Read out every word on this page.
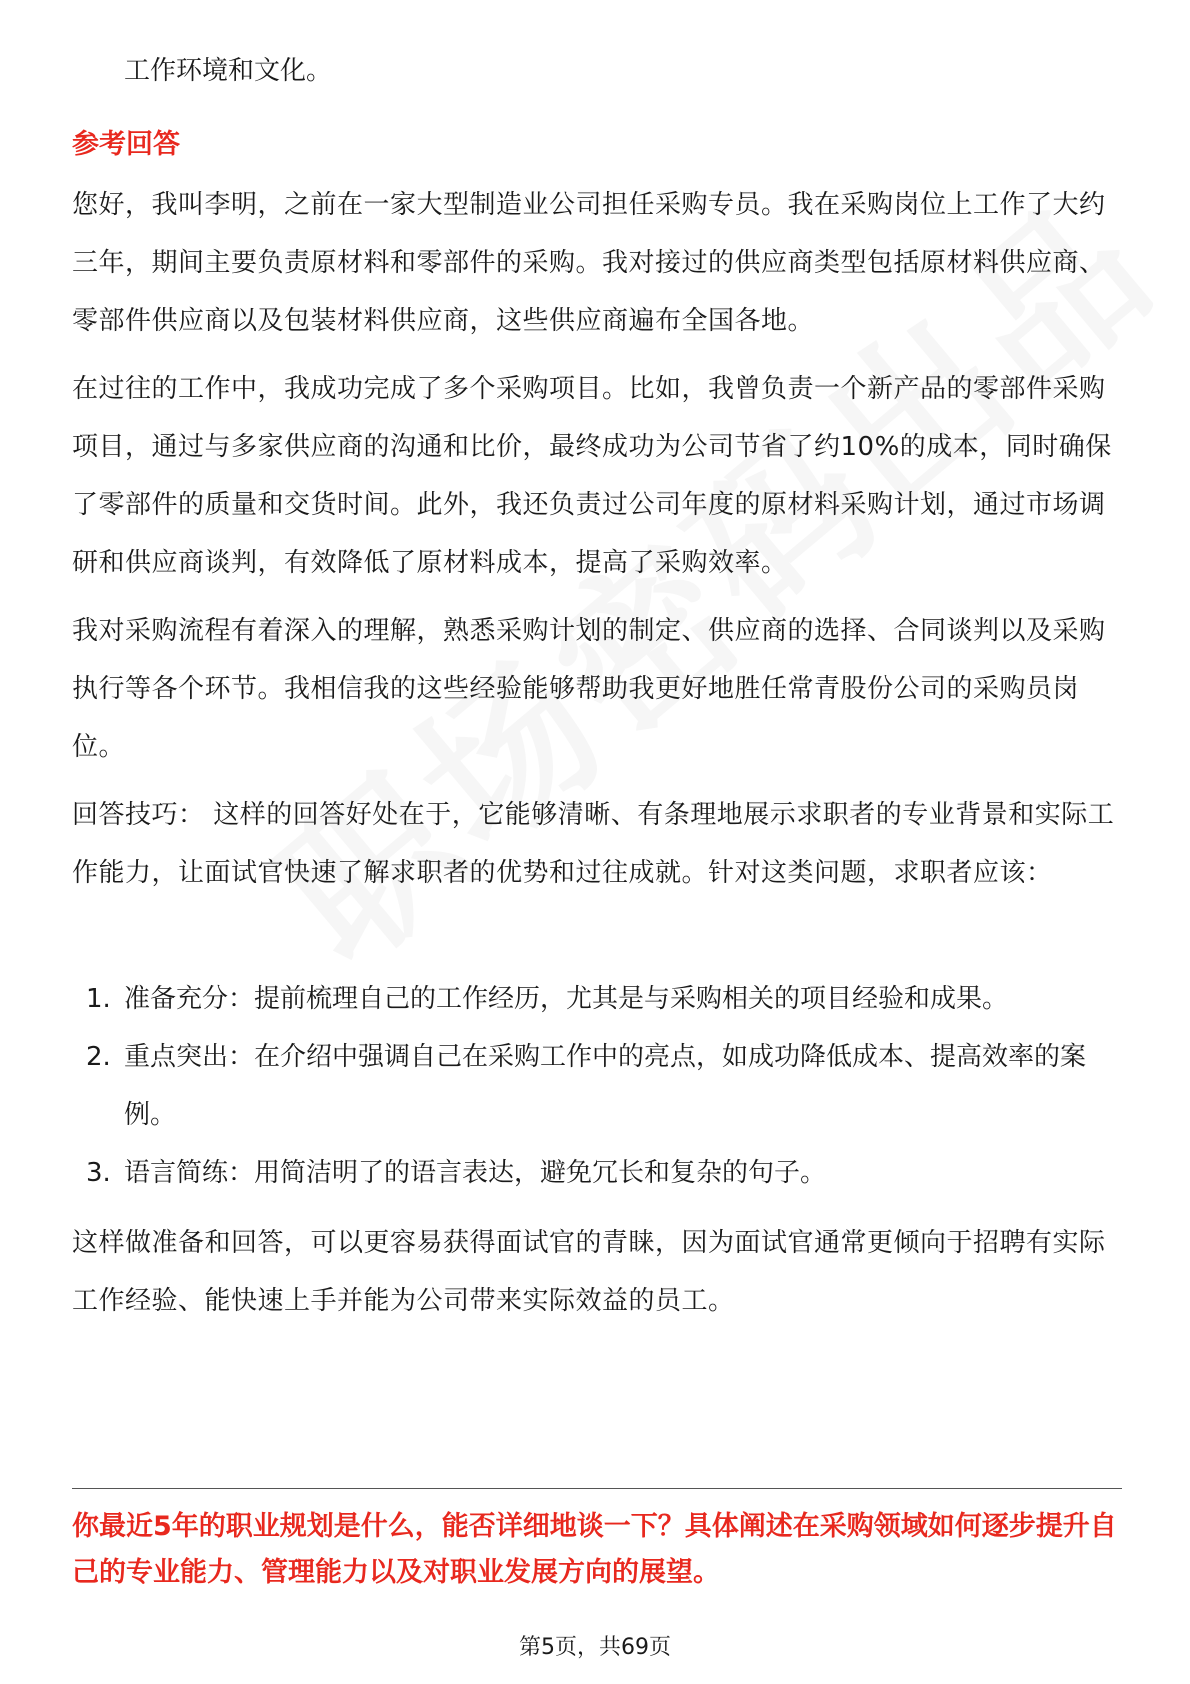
工作环境和文化。
参考回答
您好，我叫李明，之前在一家大型制造业公司担任采购专员。我在采购岗位上工作了大约三年，期间主要负责原材料和零部件的采购。我对接过的供应商类型包括原材料供应商、零部件供应商以及包装材料供应商，这些供应商遍布全国各地。
在过往的工作中，我成功完成了多个采购项目。比如，我曾负责一个新产品的零部件采购项目，通过与多家供应商的沟通和比价，最终成功为公司节省了约10%的成本，同时确保了零部件的质量和交货时间。此外，我还负责过公司年度的原材料采购计划，通过市场调研和供应商谈判，有效降低了原材料成本，提高了采购效率。
我对采购流程有着深入的理解，熟悉采购计划的制定、供应商的选择、合同谈判以及采购执行等各个环节。我相信我的这些经验能够帮助我更好地胜任常青股份公司的采购员岗位。
回答技巧： 这样的回答好处在于，它能够清晰、有条理地展示求职者的专业背景和实际工作能力，让面试官快速了解求职者的优势和过往成就。针对这类问题，求职者应该：
1. 准备充分：提前梳理自己的工作经历，尤其是与采购相关的项目经验和成果。
2. 重点突出：在介绍中强调自己在采购工作中的亮点，如成功降低成本、提高效率的案例。
3. 语言简练：用简洁明了的语言表达，避免冗长和复杂的句子。
这样做准备和回答，可以更容易获得面试官的青睐，因为面试官通常更倾向于招聘有实际工作经验、能快速上手并能为公司带来实际效益的员工。
你最近5年的职业规划是什么，能否详细地谈一下？具体阐述在采购领域如何逐步提升自己的专业能力、管理能力以及对职业发展方向的展望。
第5页，共69页
